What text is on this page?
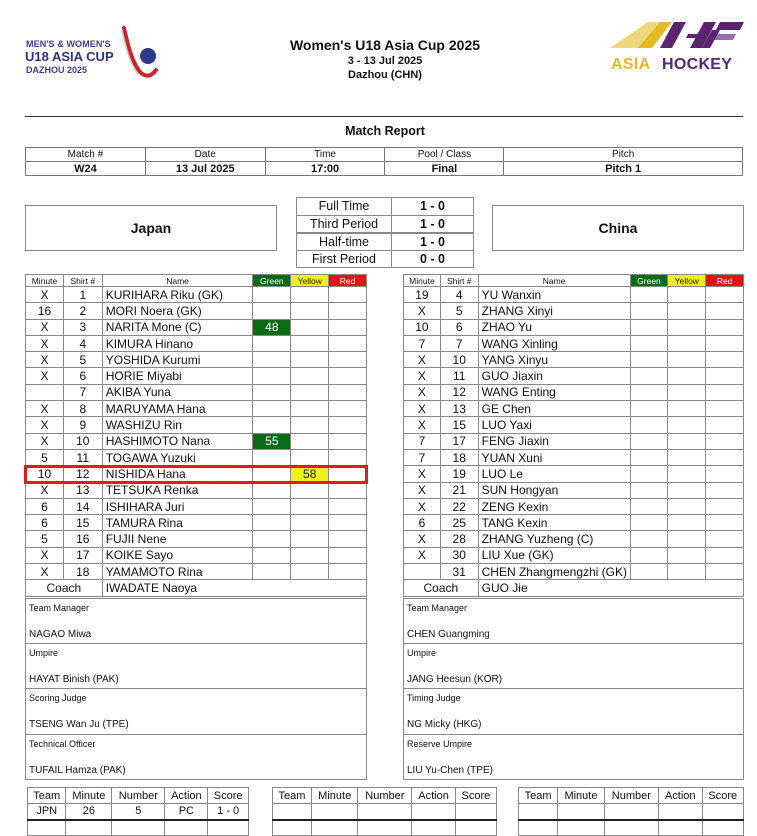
MEN'S & WOMEN'S
U18 ASIA CUP
DAZHOU 2025
Women's U18 Asia Cup 2025
3 - 13 Jul 2025
Dazhou (CHN)
ASIA HOCKEY
Match Report
Match #	Date	Time	Pool / Class	Pitch
W24	13 Jul 2025	17:00	Final	Pitch 1
Japan	China
Full Time	1 - 0
Third Period	1 - 0
Half-time	1 - 0
First Period	0 - 0
Minute	Shirt #	Name	Green	Yellow	Red
X	1	KURIHARA Riku (GK)			
16	2	MORI Noera (GK)			
X	3	NARITA Mone (C)	48		
X	4	KIMURA Hinano			
X	5	YOSHIDA Kurumi			
X	6	HORIE Miyabi			
	7	AKIBA Yuna			
X	8	MARUYAMA Hana			
X	9	WASHIZU Rin			
X	10	HASHIMOTO Nana	55		
5	11	TOGAWA Yuzuki			
10	12	NISHIDA Hana		58	
X	13	TETSUKA Renka			
6	14	ISHIHARA Juri			
6	15	TAMURA Rina			
5	16	FUJII Nene			
X	17	KOIKE Sayo			
X	18	YAMAMOTO Rina			
Coach		IWADATE Naoya			
Minute	Shirt #	Name	Green	Yellow	Red
19	4	YU Wanxin			
X	5	ZHANG Xinyi			
10	6	ZHAO Yu			
7	7	WANG Xinling			
X	10	YANG Xinyu			
X	11	GUO Jiaxin			
X	12	WANG Enting			
X	13	GE Chen			
X	15	LUO Yaxi			
7	17	FENG Jiaxin			
7	18	YUAN Xuni			
X	19	LUO Le			
X	21	SUN Hongyan			
X	22	ZENG Kexin			
6	25	TANG Kexin			
X	28	ZHANG Yuzheng (C)			
X	30	LIU Xue (GK)			
	31	CHEN Zhangmengzhi (GK)			
Coach		GUO Jie			
Team Manager
NAGAO Miwa
Umpire
HAYAT Binish (PAK)
Scoring Judge
TSENG Wan Ju (TPE)
Technical Officer
TUFAIL Hamza (PAK)
Team Manager
CHEN Guangming
Umpire
JANG Heesun (KOR)
Timing Judge
NG Micky (HKG)
Reserve Umpire
LIU Yu-Chen (TPE)
Team	Minute	Number	Action	Score
JPN	26	5	PC	1 - 0

Team	Minute	Number	Action	Score

					Team	Minute	Number	Action	Score
